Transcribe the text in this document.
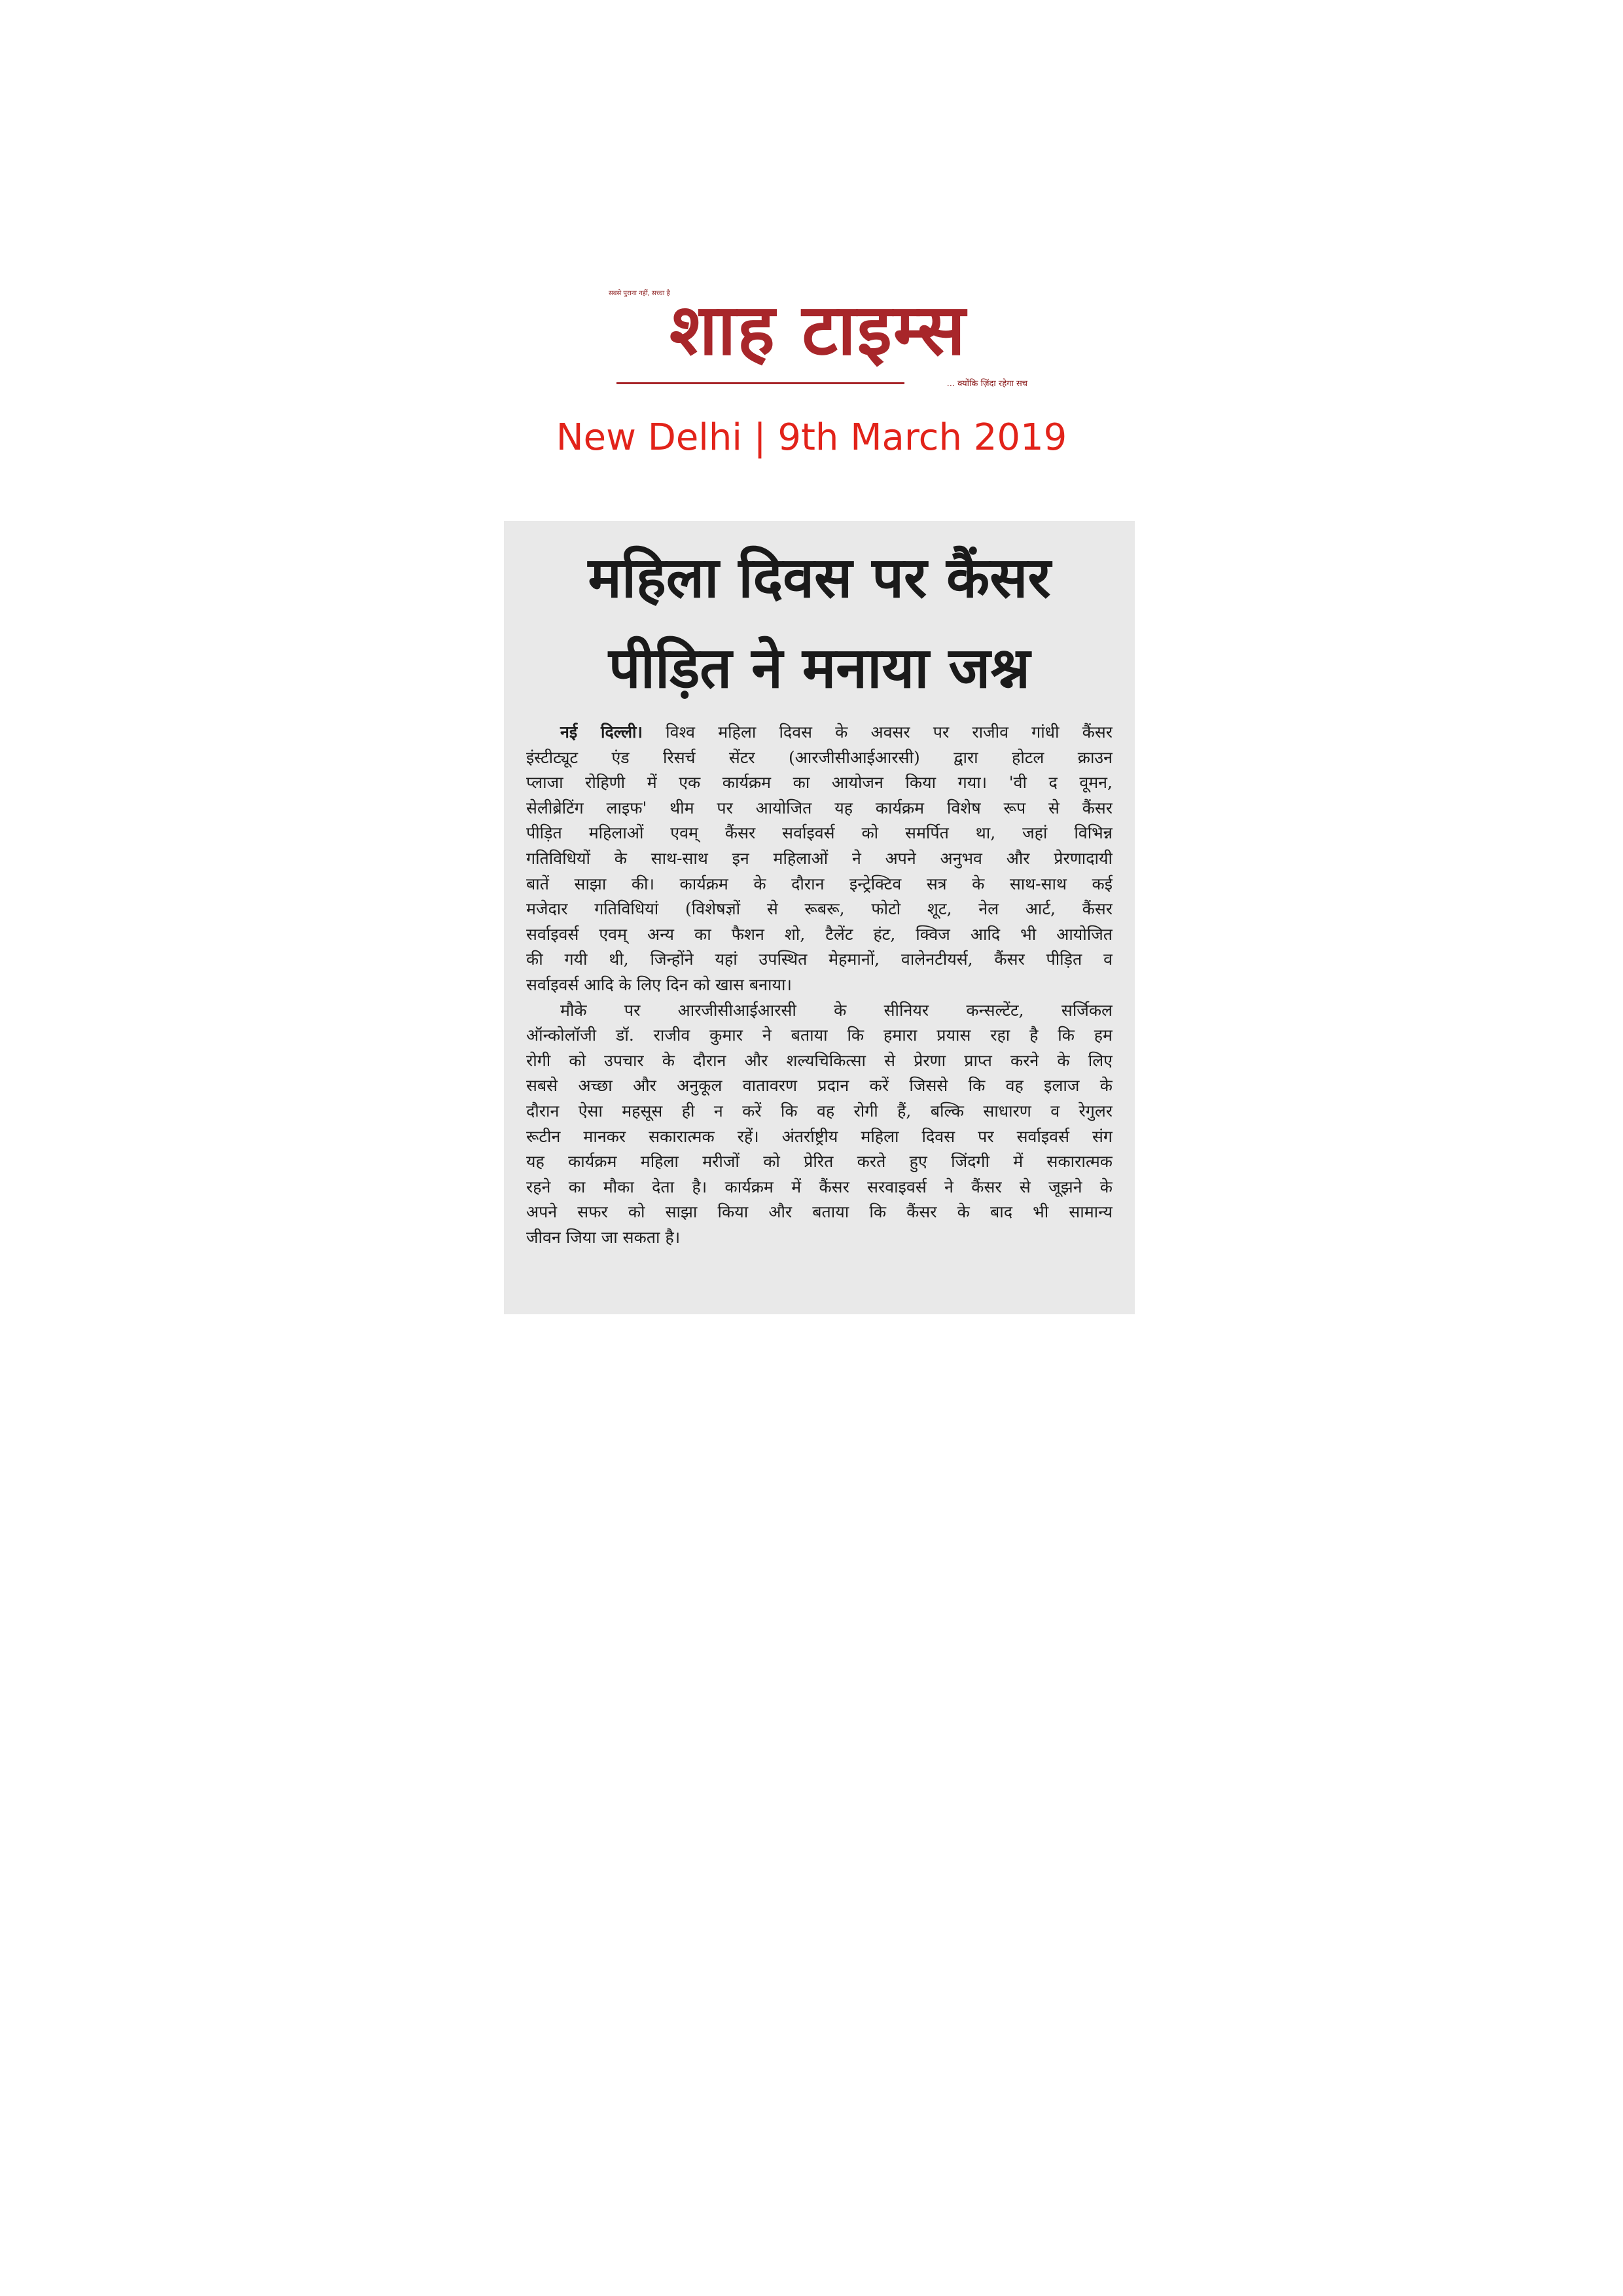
सबसे पुराना नहीं, सच्चा है शाह टाइम्स
... क्योंकि ज़िंदा रहेगा सच
New Delhi | 9th March 2019
महिला दिवस पर कैंसर
पीड़ित ने मनाया जश्न
नई दिल्ली। विश्व महिला दिवस के अवसर पर राजीव गांधी कैंसर
इंस्टीट्यूट एंड रिसर्च सेंटर (आरजीसीआईआरसी) द्वारा होटल क्राउन
प्लाजा रोहिणी में एक कार्यक्रम का आयोजन किया गया। 'वी द वूमन,
सेलीब्रेटिंग लाइफ' थीम पर आयोजित यह कार्यक्रम विशेष रूप से कैंसर
पीड़ित महिलाओं एवम् कैंसर सर्वाइवर्स को समर्पित था, जहां विभिन्न
गतिविधियों के साथ-साथ इन महिलाओं ने अपने अनुभव और प्रेरणादायी
बातें साझा की। कार्यक्रम के दौरान इन्ट्रेक्टिव सत्र के साथ-साथ कई
मजेदार गतिविधियां (विशेषज्ञों से रूबरू, फोटो शूट, नेल आर्ट, कैंसर
सर्वाइवर्स एवम् अन्य का फैशन शो, टैलेंट हंट, क्विज आदि भी आयोजित
की गयी थी, जिन्होंने यहां उपस्थित मेहमानों, वालेनटीयर्स, कैंसर पीड़ित व
सर्वाइवर्स आदि के लिए दिन को खास बनाया।
मौके पर आरजीसीआईआरसी के सीनियर कन्सल्टेंट, सर्जिकल
ऑन्कोलॉजी डॉ. राजीव कुमार ने बताया कि हमारा प्रयास रहा है कि हम
रोगी को उपचार के दौरान और शल्यचिकित्सा से प्रेरणा प्राप्त करने के लिए
सबसे अच्छा और अनुकूल वातावरण प्रदान करें जिससे कि वह इलाज के
दौरान ऐसा महसूस ही न करें कि वह रोगी हैं, बल्कि साधारण व रेगुलर
रूटीन मानकर सकारात्मक रहें। अंतर्राष्ट्रीय महिला दिवस पर सर्वाइवर्स संग
यह कार्यक्रम महिला मरीजों को प्रेरित करते हुए जिंदगी में सकारात्मक
रहने का मौका देता है। कार्यक्रम में कैंसर सरवाइवर्स ने कैंसर से जूझने के
अपने सफर को साझा किया और बताया कि कैंसर के बाद भी सामान्य
जीवन जिया जा सकता है।
